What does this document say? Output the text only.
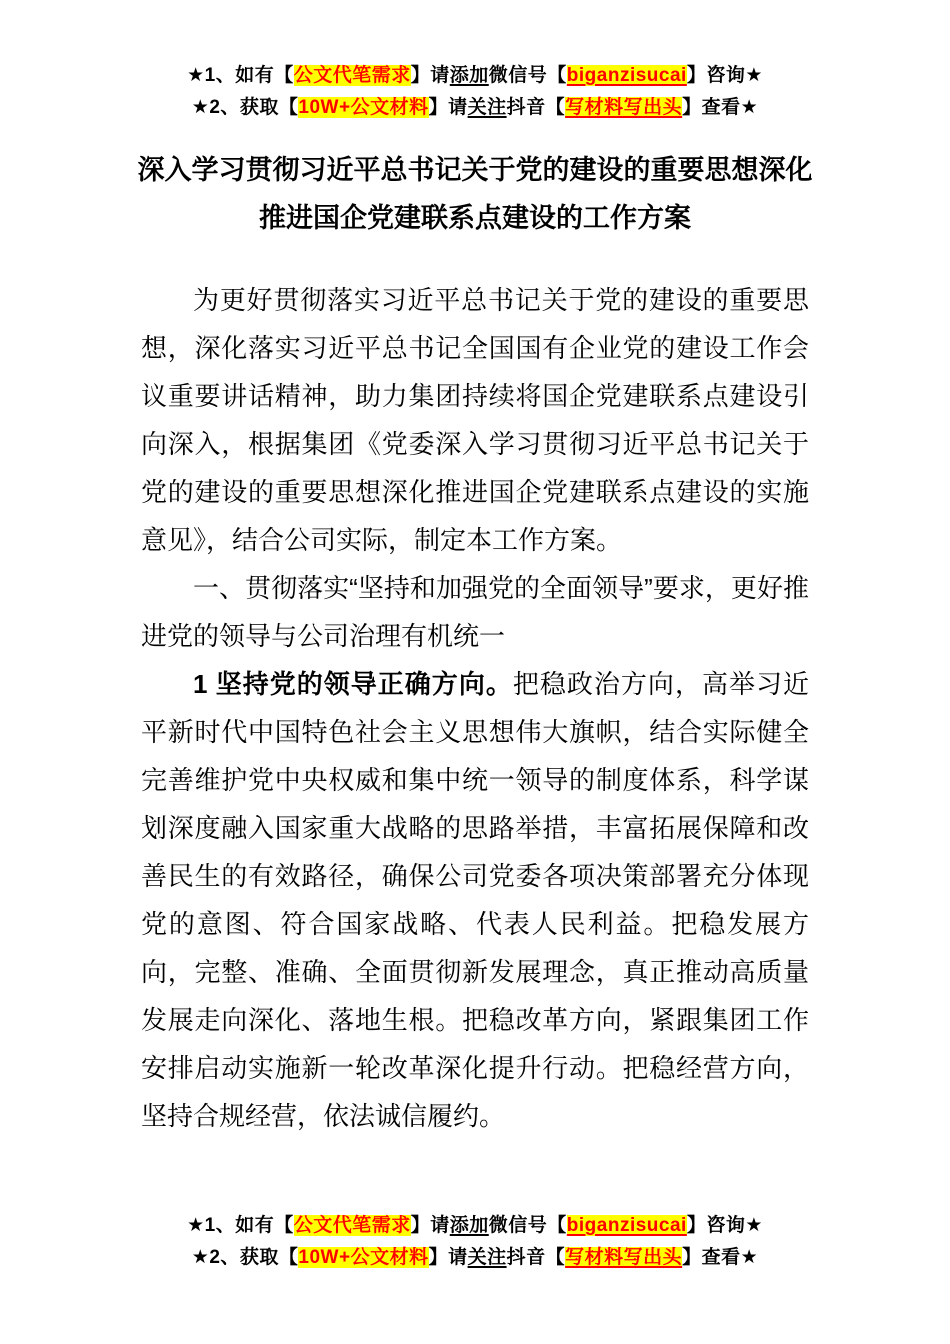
★1、如有【公文代笔需求】请添加微信号【biganzisucai】咨询★
★2、获取【10W+公文材料】请关注抖音【写材料写出头】查看★
深入学习贯彻习近平总书记关于党的建设的重要思想深化
推进国企党建联系点建设的工作方案

为更好贯彻落实习近平总书记关于党的建设的重要思想，深化落实习近平总书记全国国有企业党的建设工作会议重要讲话精神，助力集团持续将国企党建联系点建设引向深入，根据集团《党委深入学习贯彻习近平总书记关于党的建设的重要思想深化推进国企党建联系点建设的实施意见》，结合公司实际，制定本工作方案。

一、贯彻落实“坚持和加强党的全面领导”要求，更好推进党的领导与公司治理有机统一

1 坚持党的领导正确方向。把稳政治方向，高举习近平新时代中国特色社会主义思想伟大旗帜，结合实际健全完善维护党中央权威和集中统一领导的制度体系，科学谋划深度融入国家重大战略的思路举措，丰富拓展保障和改善民生的有效路径，确保公司党委各项决策部署充分体现党的意图、符合国家战略、代表人民利益。把稳发展方向，完整、准确、全面贯彻新发展理念，真正推动高质量发展走向深化、落地生根。把稳改革方向，紧跟集团工作安排启动实施新一轮改革深化提升行动。把稳经营方向，坚持合规经营，依法诚信履约。

★1、如有【公文代笔需求】请添加微信号【biganzisucai】咨询★
★2、获取【10W+公文材料】请关注抖音【写材料写出头】查看★
